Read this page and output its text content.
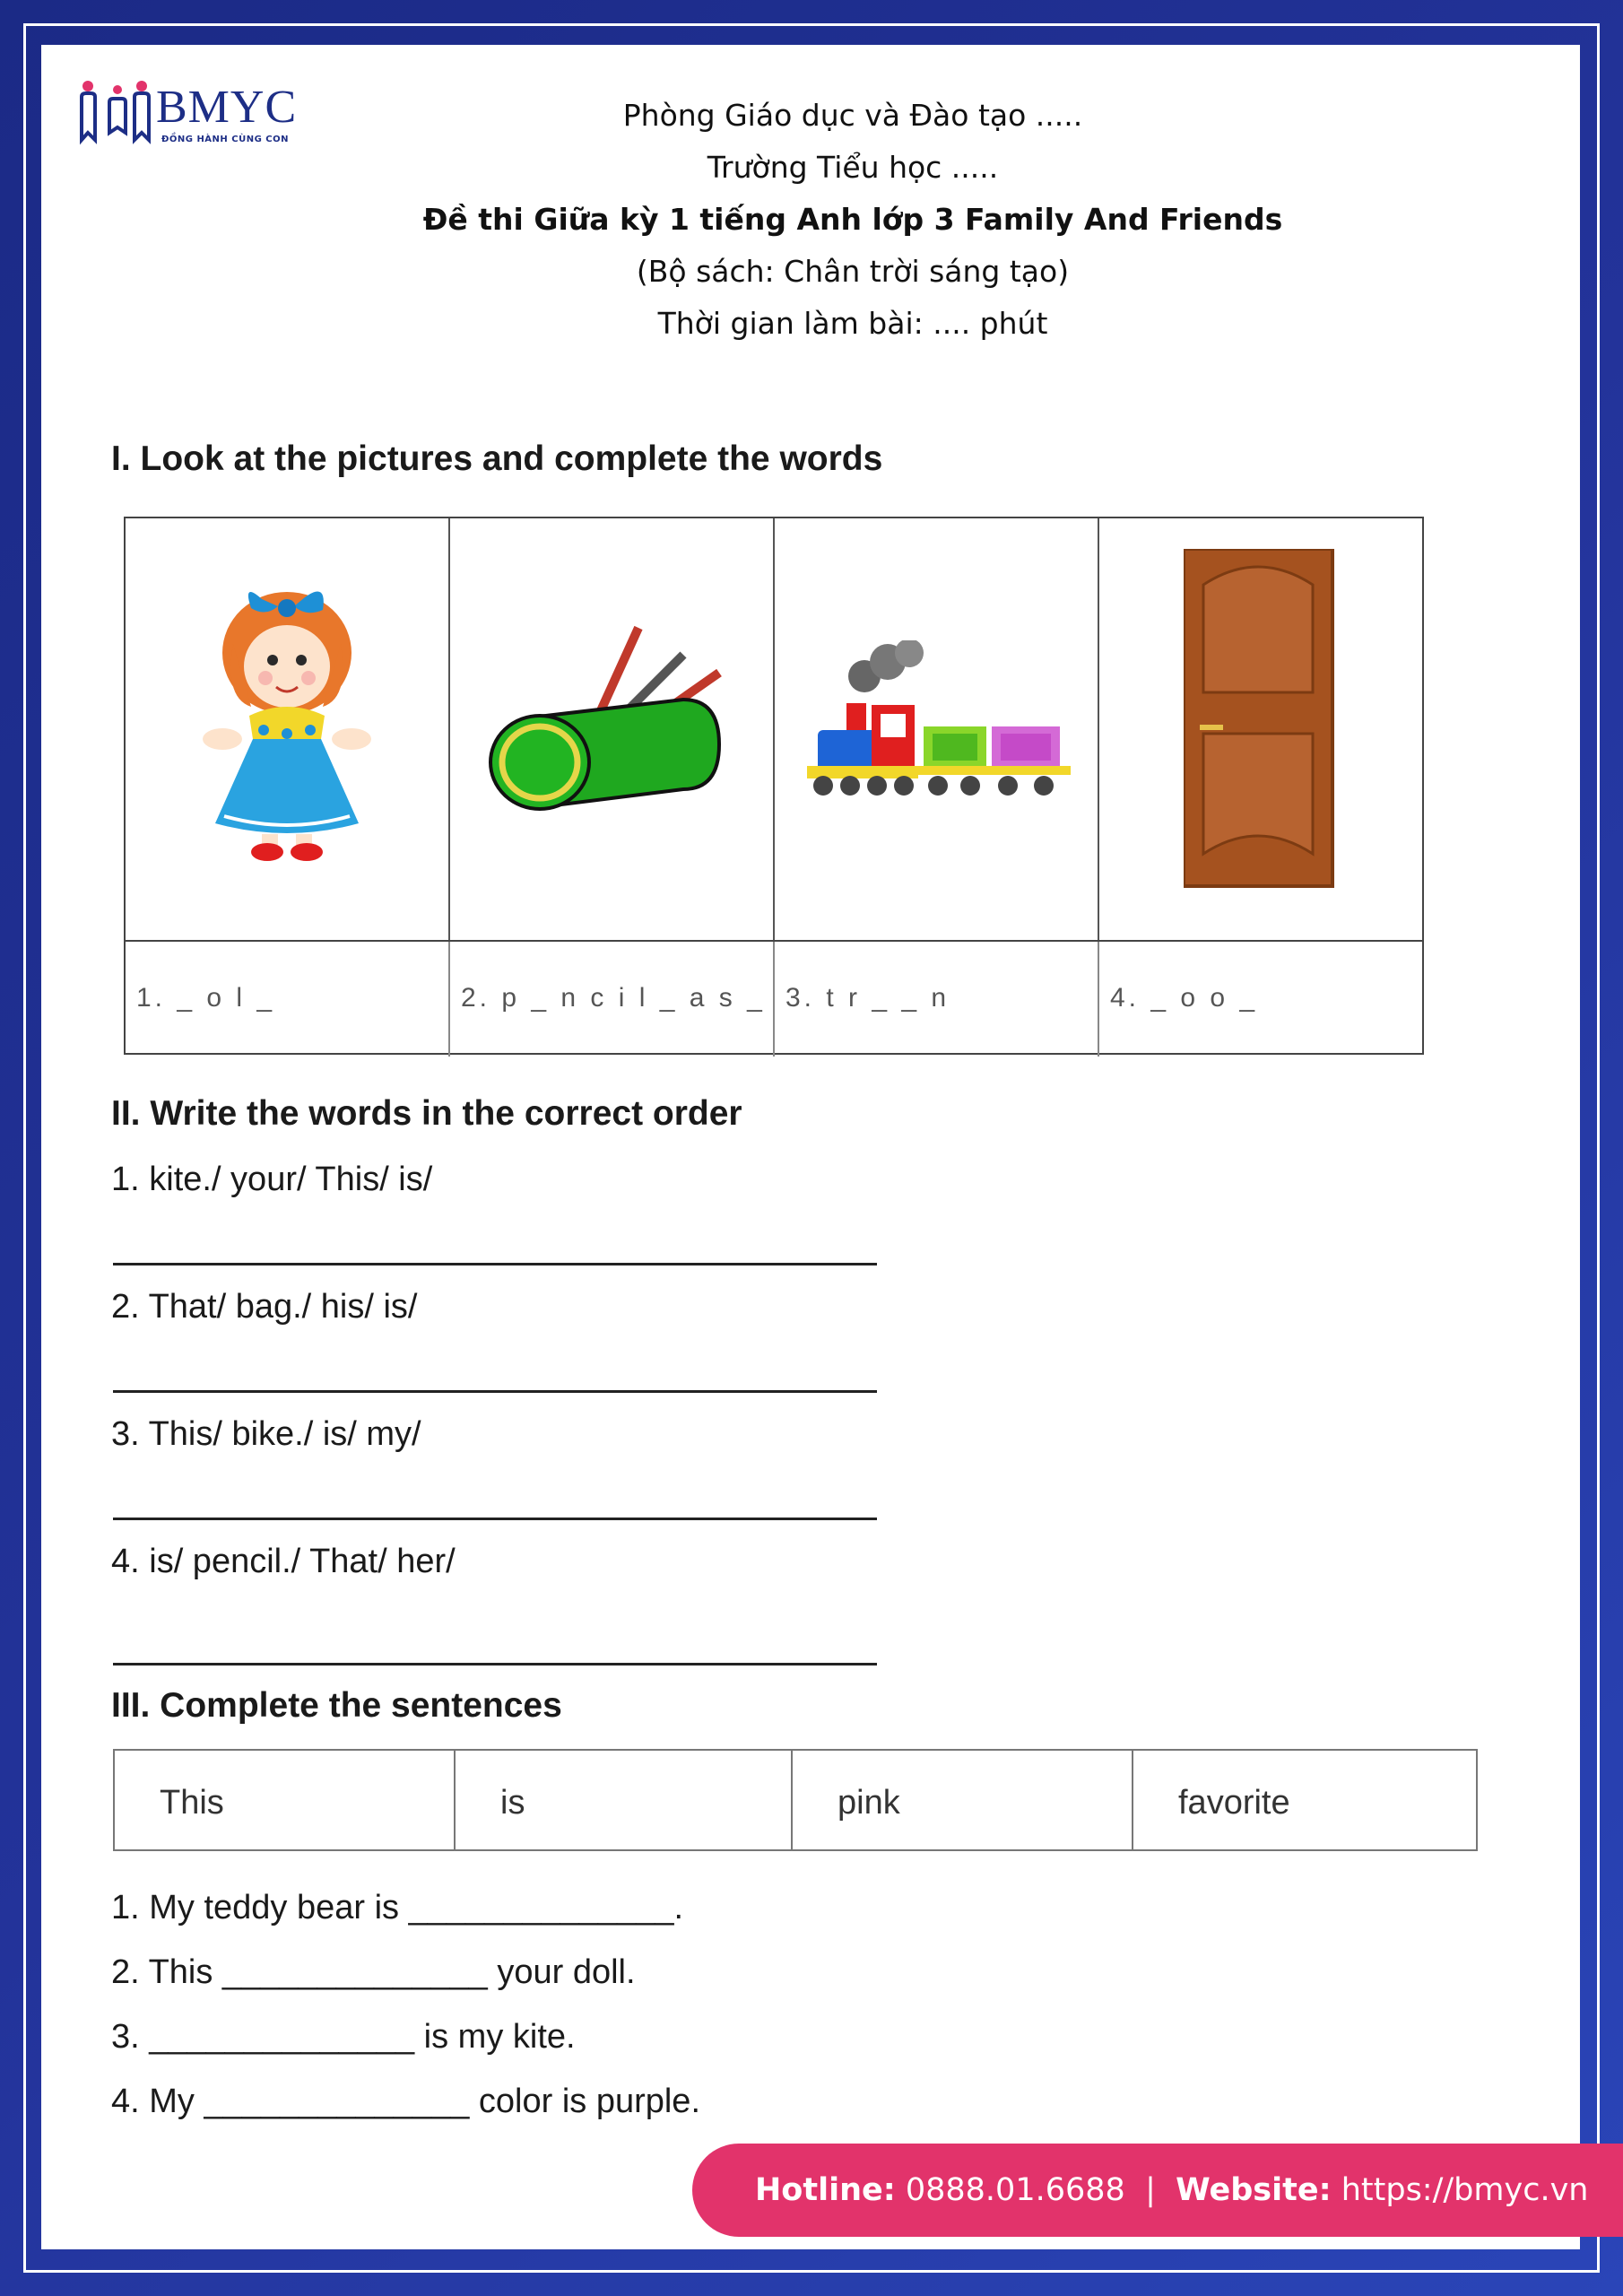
BMYC
ĐỒNG HÀNH CÙNG CON
Phòng Giáo dục và Đào tạo .....
Trường Tiểu học .....
Đề thi Giữa kỳ 1 tiếng Anh lớp 3 Family And Friends
(Bộ sách: Chân trời sáng tạo)
Thời gian làm bài: .... phút
I. Look at the pictures and complete the words
1. _ o l _	2. p _ n c i l _ a s _ 3. t r _ _ n	4. _ o o _
II. Write the words in the correct order
1. kite./ your/ This/ is/
2. That/ bag./ his/ is/
3. This/ bike./ is/ my/
4. is/ pencil./ That/ her/
III. Complete the sentences
This	is	pink	favorite
1. My teddy bear is ______________.
2. This ______________ your doll.
3. ______________ is my kite.
4. My ______________ color is purple.
Hotline: 0888.01.6688 | Website: https://bmyc.vn
